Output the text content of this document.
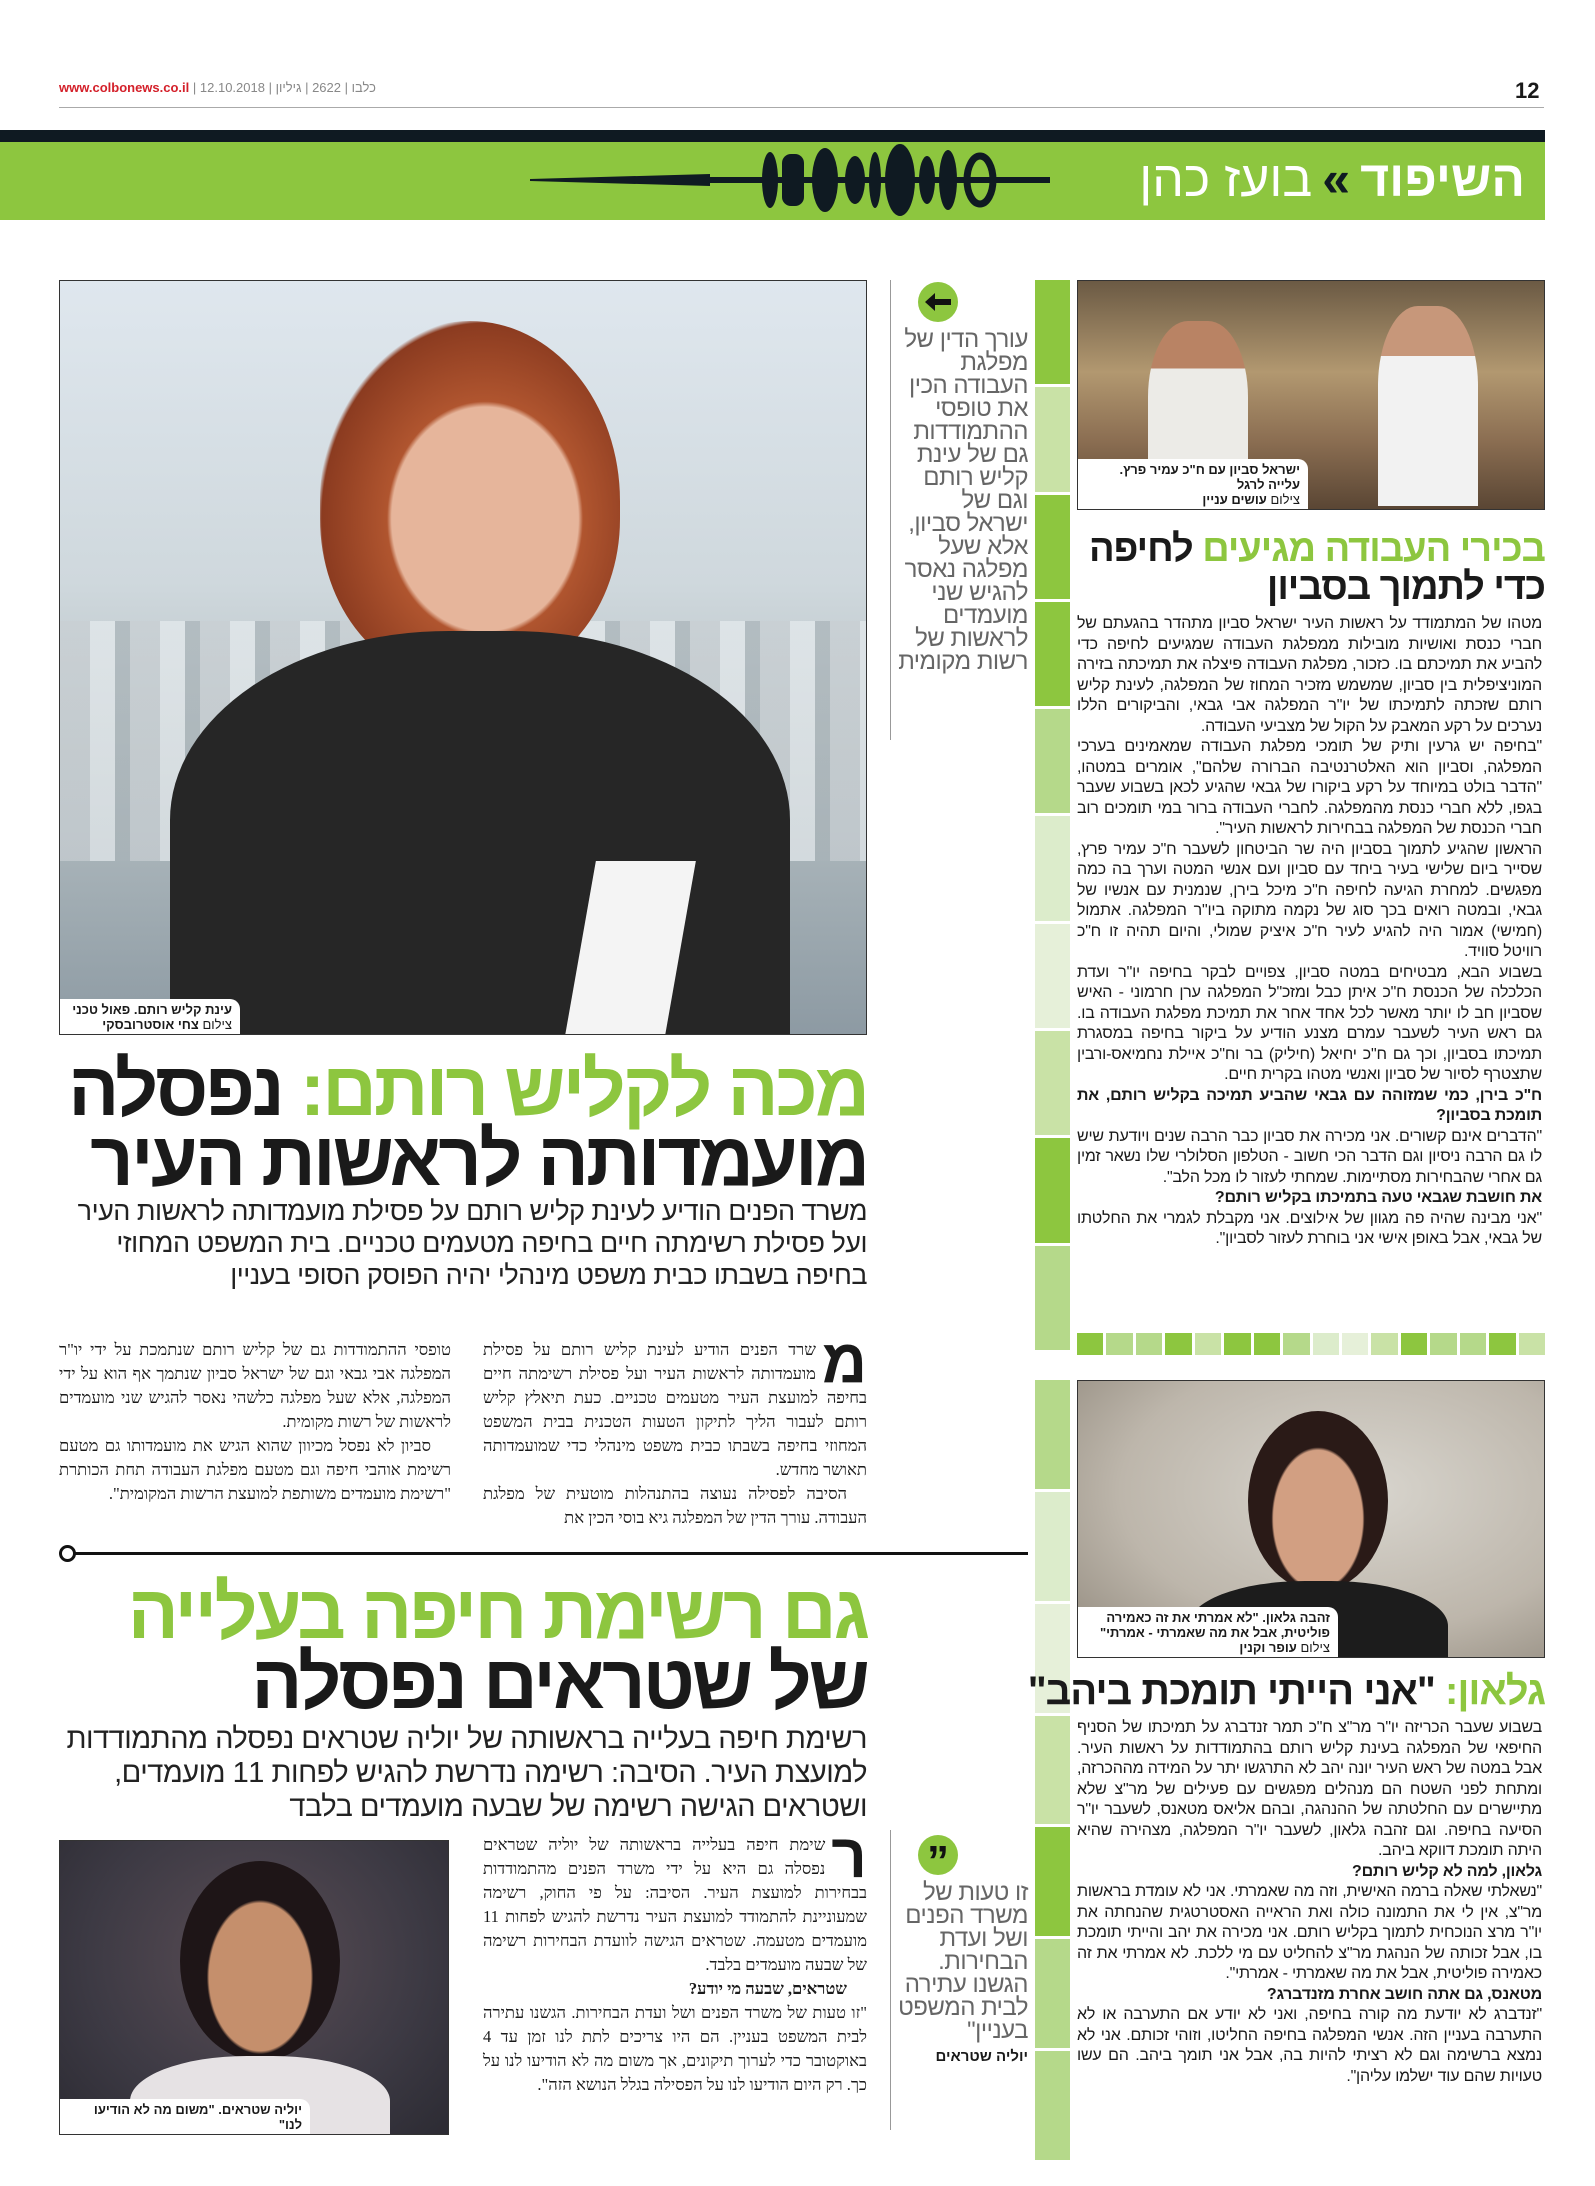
www.colbonews.co.il | כלבו | 2622 | גיליון | 12.10.2018	12
השיפוד
»
בועז כהן
עינת קליש רותם. פאול טכני
צילום צחי אוסטרובסקי
עורך הדין של מפלגת העבודה הכין את טופסי ההתמודדות גם של עינת קליש רותם וגם של ישראל סביון, אלא שעל מפלגה נאסר להגיש שני מועמדים לראשות של רשות מקומית
מכה לקליש רותם: נפסלה
מועמדותה לראשות העיר
משרד הפנים הודיע לעינת קליש רותם על פסילת מועמדותה לראשות העיר ועל פסילת רשימתה חיים בחיפה מטעמים טכניים. בית המשפט המחוזי בחיפה בשבתו כבית משפט מינהלי יהיה הפוסק הסופי בעניין

מ
שרד הפנים הודיע לעינת קליש רותם על פסילת מועמדותה לראשות העיר ועל פסילת רשימתה חיים בחיפה למועצת העיר מטעמים טכניים. כעת תיאלץ קליש רותם לעבור הליך לתיקון הטעות הטכנית בבית המשפט המחוזי בחיפה בשבתו כבית משפט מינהלי כדי שמועמדותה תאושר מחדש.

הסיבה לפסילה נעוצה בהתנהלות מוטעית של מפלגת העבודה. עורך הדין של המפלגה גיא בוסי הכין את

טופסי ההתמודדות גם של קליש רותם שנתמכת על ידי יו"ר המפלגה אבי גבאי וגם של ישראל סביון שנתמך אף הוא על ידי המפלגה, אלא שעל מפלגה כלשהי נאסר להגיש שני מועמדים לראשות של רשות מקומית.

סביון לא נפסל מכיוון שהוא הגיש את מועמדותו גם מטעם רשימת אוהבי חיפה וגם מטעם מפלגת העבודה תחת הכותרת "רשימת מועמדים משותפת למועצת הרשות המקומית".

גם רשימת חיפה בעלייה
של שטראים נפסלה
רשימת חיפה בעלייה בראשותה של יוליה שטראים נפסלה מהתמודדות למועצת העיר. הסיבה: רשימה נדרשת להגיש לפחות 11 מועמדים, ושטראים הגישה רשימה של שבעה מועמדים בלבד
יוליה שטראים. "משום מה לא הודיעו לנו"

ר
שימת חיפה בעלייה בראשותה של יוליה שטראים נפסלה גם היא על ידי משרד הפנים מהתמודדות בבחירות למועצת העיר. הסיבה: על פי החוק, רשימה שמעוניינת להתמודד למועצת העיר נדרשת להגיש לפחות 11 מועמדים מטעמה. שטראים הגישה לוועדת הבחירות רשימה של שבעה מועמדים בלבד.

שטראים, שבעה מי יודע?

"זו טעות של משרד הפנים ושל ועדת הבחירות. הגשנו עתירה לבית המשפט בעניין. הם היו צריכים לתת לנו זמן עד 4 באוקטובר כדי לערוך תיקונים, אך משום מה לא הודיעו לנו על כך. רק היום הודיעו לנו על הפסילה בגלל הנושא הזה".

”
זו טעות של משרד הפנים ושל ועדת הבחירות. הגשנו עתירה לבית המשפט בעניין"
יוליה שטראים
ישראל סביון עם ח"כ עמיר פרץ. עלייה לרגל
צילום עושים עניין
בכירי העבודה מגיעים לחיפה
כדי לתמוך בסביון

מטהו של המתמודד על ראשות העיר ישראל סביון מתהדר בהגעתם של חברי כנסת ואושיות מובילות ממפלגת העבודה שמגיעים לחיפה כדי להביע את תמיכתם בו. כזכור, מפלגת העבודה פיצלה את תמיכתה בזירה המוניציפלית בין סביון, שמשמש מזכיר המחוז של המפלגה, לעינת קליש רותם שזכתה לתמיכתו של יו"ר המפלגה אבי גבאי, והביקורים הללו נערכים על רקע המאבק על הקול של מצביעי העבודה.

"בחיפה יש גרעין ותיק של תומכי מפלגת העבודה שמאמינים בערכי המפלגה, וסביון הוא האלטרנטיבה הברורה שלהם", אומרים במטהו, "הדבר בולט במיוחד על רקע ביקורו של גבאי שהגיע לכאן בשבוע שעבר בגפו, ללא חברי כנסת מהמפלגה. לחברי העבודה ברור במי תומכים רוב חברי הכנסת של המפלגה בבחירות לראשות העיר".

הראשון שהגיע לתמוך בסביון היה שר הביטחון לשעבר ח"כ עמיר פרץ, שסייר ביום שלישי בעיר ביחד עם סביון ועם אנשי המטה וערך בה כמה מפגשים. למחרת הגיעה לחיפה ח"כ מיכל בירן, שנמנית עם אנשיו של גבאי, ובמטה רואים בכך סוג של נקמה מתוקה ביו"ר המפלגה. אתמול (חמישי) אמור היה להגיע לעיר ח"כ איציק שמולי, והיום תהיה זו ח"כ רוויטל סוויד.

בשבוע הבא, מבטיחים במטה סביון, צפויים לבקר בחיפה יו"ר ועדת הכלכלה של הכנסת ח"כ איתן כבל ומזכ"ל המפלגה ערן חרמוני - האיש שסביון חב לו יותר מאשר לכל אחד אחר את תמיכת מפלגת העבודה בו. גם ראש העיר לשעבר עמרם מצנע הודיע על ביקור בחיפה במסגרת תמיכתו בסביון, וכך גם ח"כ יחיאל (חיליק) בר וח"כ איילת נחמיאס-ורבין שתצטרף לסיור של סביון ואנשי מטהו בקרית חיים.

ח"כ בירן, כמי שמזוהה עם גבאי שהביע תמיכה בקליש רותם, את תומכת בסביון?

"הדברים אינם קשורים. אני מכירה את סביון כבר הרבה שנים ויודעת שיש לו גם הרבה ניסיון וגם הדבר הכי חשוב - הטלפון הסלולרי שלו נשאר זמין גם אחרי שהבחירות מסתיימות. שמחתי לעזור לו מכל הלב".

את חושבת שגבאי טעה בתמיכתו בקליש רותם?

"אני מבינה שהיה פה מגוון של אילוצים. אני מקבלת לגמרי את החלטתו של גבאי, אבל באופן אישי אני בוחרת לעזור לסביון".

זהבה גלאון. "לא אמרתי את זה כאמירה פוליטית, אבל את מה שאמרתי - אמרתי"
צילום עופר וקנין
גלאון: "אני הייתי תומכת ביהב"

בשבוע שעבר הכריזה יו"ר מר"צ ח"כ תמר זנדברג על תמיכתו של הסניף החיפאי של המפלגה בעינת קליש רותם בהתמודדות על ראשות העיר. אבל במטה של ראש העיר יונה יהב לא התרגשו יתר על המידה מההכרזה, ומתחת לפני השטח הם מנהלים מפגשים עם פעילים של מר"צ שלא מתיישרים עם החלטתה של ההנהגה, ובהם אליאס מטאנס, לשעבר יו"ר הסיעה בחיפה. וגם זהבה גלאון, לשעבר יו"ר המפלגה, מצהירה שהיא היתה תומכת דווקא ביהב.

גלאון, למה לא קליש רותם?

"נשאלתי שאלה ברמה האישית, וזה מה שאמרתי. אני לא עומדת בראשות מר"צ, אין לי את התמונה כולה ואת הראייה האסטרטגית שהנחתה את יו"ר מרצ הנוכחית לתמוך בקליש רותם. אני מכירה את יהב והייתי תומכת בו, אבל זכותה של הנהגת מר"צ להחליט עם מי ללכת. לא אמרתי את זה כאמירה פוליטית, אבל את מה שאמרתי - אמרתי".

מטאנס, גם אתה חושב אחרת מזנדברג?

"זנדברג לא יודעת מה קורה בחיפה, ואני לא יודע אם התערבה או לא התערבה בעניין הזה. אנשי המפלגה בחיפה החליטו, וזוהי זכותם. אני לא נמצא ברשימה וגם לא רציתי להיות בה, אבל אני תומך ביהב. הם עשו טעויות שהם עוד ישלמו עליהן".
